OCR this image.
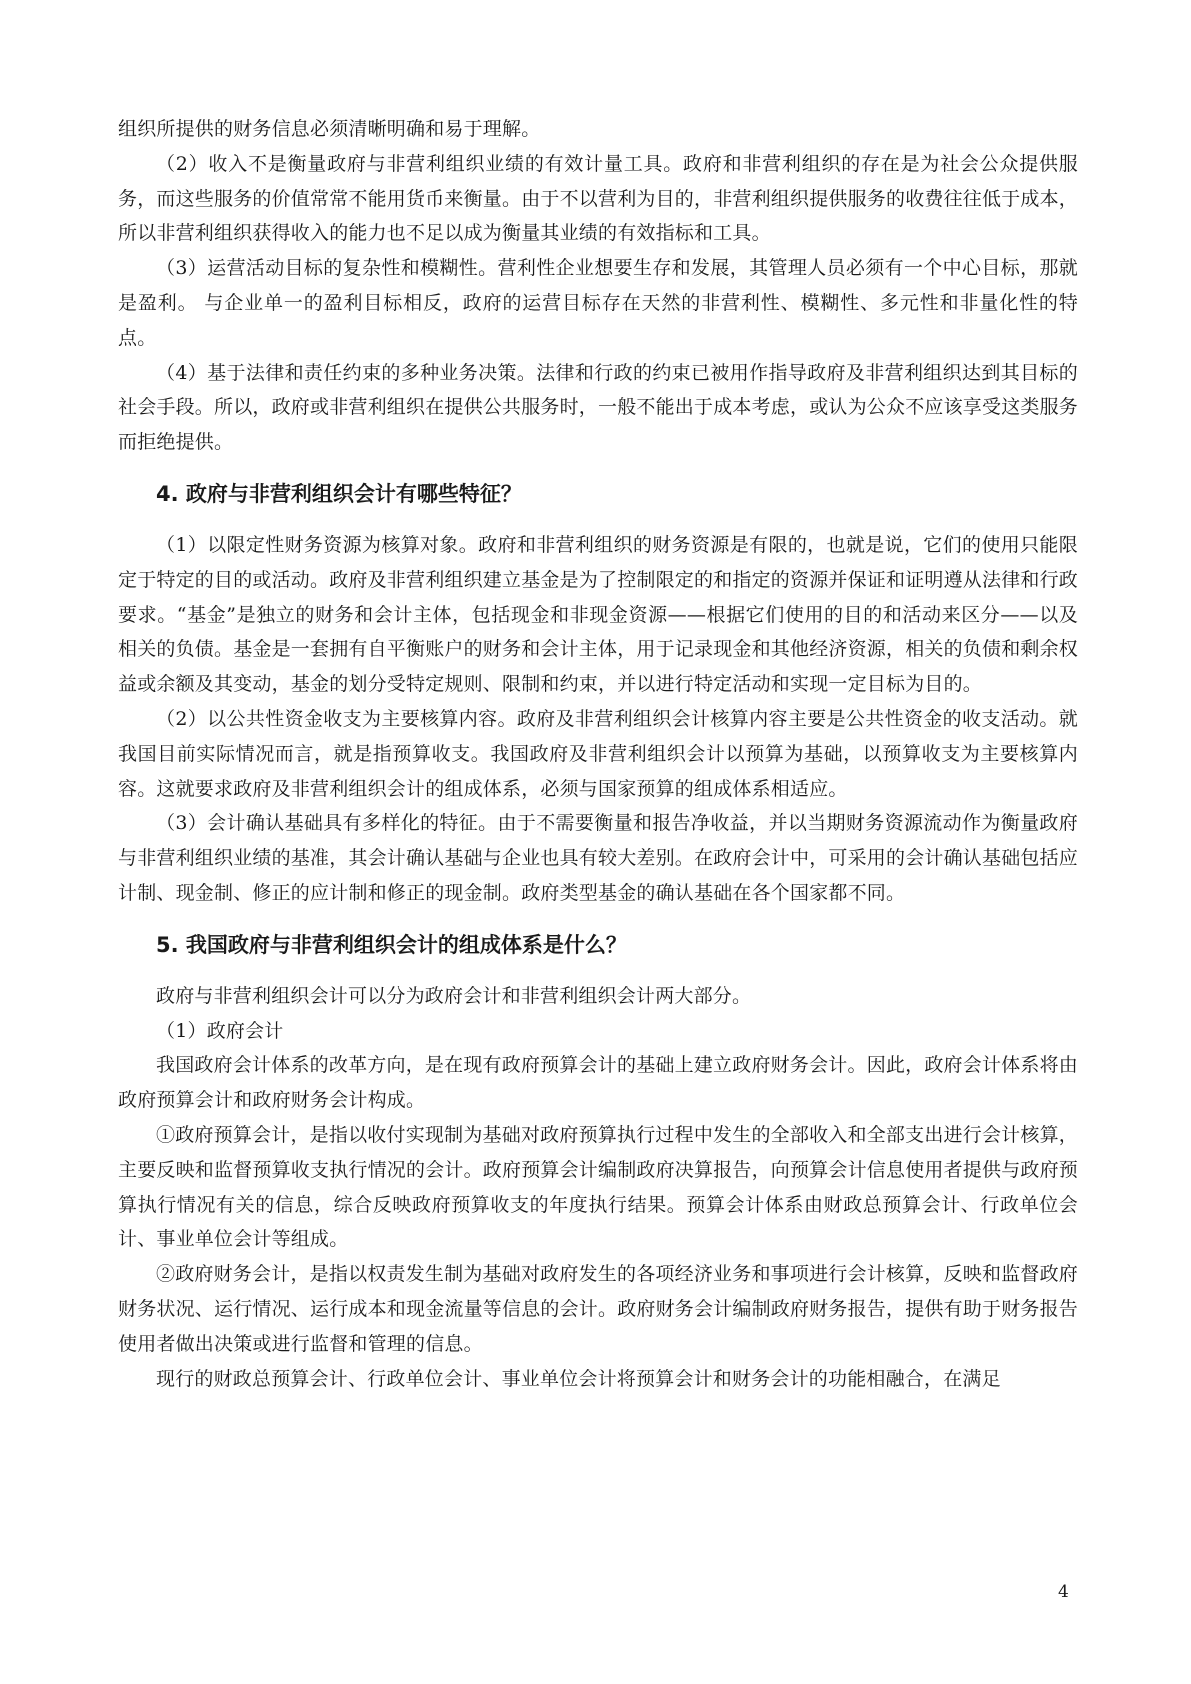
组织所提供的财务信息必须清晰明确和易于理解。

（2）收入不是衡量政府与非营利组织业绩的有效计量工具。政府和非营利组织的存在是为社会公众提供服务，而这些服务的价值常常不能用货币来衡量。由于不以营利为目的，非营利组织提供服务的收费往往低于成本，所以非营利组织获得收入的能力也不足以成为衡量其业绩的有效指标和工具。

（3）运营活动目标的复杂性和模糊性。营利性企业想要生存和发展，其管理人员必须有一个中心目标，那就是盈利。 与企业单一的盈利目标相反，政府的运营目标存在天然的非营利性、模糊性、多元性和非量化性的特点。

（4）基于法律和责任约束的多种业务决策。法律和行政的约束已被用作指导政府及非营利组织达到其目标的社会手段。所以，政府或非营利组织在提供公共服务时，一般不能出于成本考虑，或认为公众不应该享受这类服务而拒绝提供。

4. 政府与非营利组织会计有哪些特征？

（1）以限定性财务资源为核算对象。政府和非营利组织的财务资源是有限的，也就是说，它们的使用只能限定于特定的目的或活动。政府及非营利组织建立基金是为了控制限定的和指定的资源并保证和证明遵从法律和行政要求。“基金”是独立的财务和会计主体，包括现金和非现金资源——根据它们使用的目的和活动来区分——以及相关的负债。基金是一套拥有自平衡账户的财务和会计主体，用于记录现金和其他经济资源，相关的负债和剩余权益或余额及其变动，基金的划分受特定规则、限制和约束，并以进行特定活动和实现一定目标为目的。

（2）以公共性资金收支为主要核算内容。政府及非营利组织会计核算内容主要是公共性资金的收支活动。就我国目前实际情况而言，就是指预算收支。我国政府及非营利组织会计以预算为基础，以预算收支为主要核算内容。这就要求政府及非营利组织会计的组成体系，必须与国家预算的组成体系相适应。

（3）会计确认基础具有多样化的特征。由于不需要衡量和报告净收益，并以当期财务资源流动作为衡量政府与非营利组织业绩的基准，其会计确认基础与企业也具有较大差别。在政府会计中，可采用的会计确认基础包括应计制、现金制、修正的应计制和修正的现金制。政府类型基金的确认基础在各个国家都不同。

5. 我国政府与非营利组织会计的组成体系是什么？

政府与非营利组织会计可以分为政府会计和非营利组织会计两大部分。

（1）政府会计

我国政府会计体系的改革方向，是在现有政府预算会计的基础上建立政府财务会计。因此，政府会计体系将由政府预算会计和政府财务会计构成。

①政府预算会计，是指以收付实现制为基础对政府预算执行过程中发生的全部收入和全部支出进行会计核算，主要反映和监督预算收支执行情况的会计。政府预算会计编制政府决算报告，向预算会计信息使用者提供与政府预算执行情况有关的信息，综合反映政府预算收支的年度执行结果。预算会计体系由财政总预算会计、行政单位会计、事业单位会计等组成。

②政府财务会计，是指以权责发生制为基础对政府发生的各项经济业务和事项进行会计核算，反映和监督政府财务状况、运行情况、运行成本和现金流量等信息的会计。政府财务会计编制政府财务报告，提供有助于财务报告使用者做出决策或进行监督和管理的信息。

现行的财政总预算会计、行政单位会计、事业单位会计将预算会计和财务会计的功能相融合，在满足

4
